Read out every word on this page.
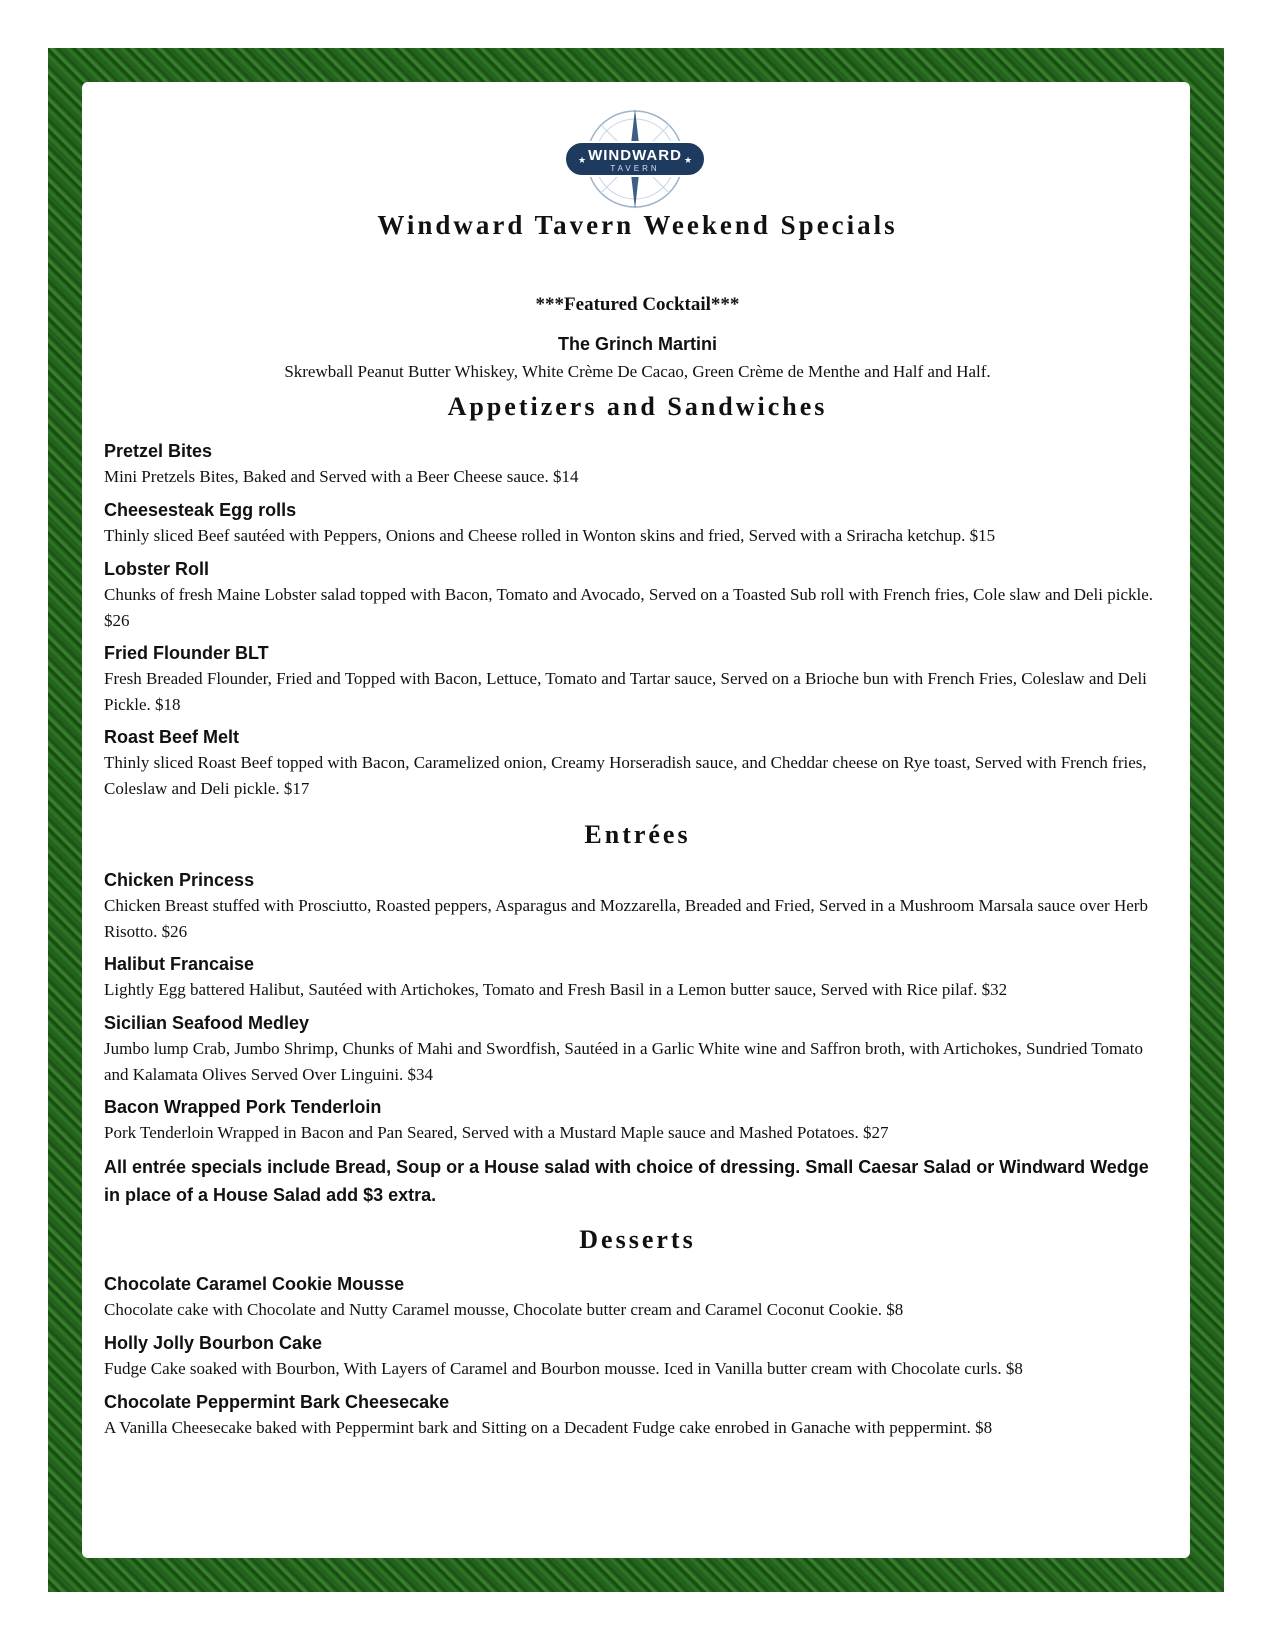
WINDWARD
TAVERN
★	★
Windward Tavern Weekend Specials
***Featured Cocktail***
The Grinch Martini
Skrewball Peanut Butter Whiskey, White Crème De Cacao, Green Crème de Menthe and Half and Half.
Appetizers and Sandwiches
Pretzel Bites
Mini Pretzels Bites, Baked and Served with a Beer Cheese sauce. $14
Cheesesteak Egg rolls
Thinly sliced Beef sautéed with Peppers, Onions and Cheese rolled in Wonton skins and fried, Served with a Sriracha ketchup. $15
Lobster Roll
Chunks of fresh Maine Lobster salad topped with Bacon, Tomato and Avocado, Served on a Toasted Sub roll with French fries, Cole slaw and Deli pickle. $26
Fried Flounder BLT
Fresh Breaded Flounder, Fried and Topped with Bacon, Lettuce, Tomato and Tartar sauce, Served on a Brioche bun with French Fries, Coleslaw and Deli Pickle. $18
Roast Beef Melt
Thinly sliced Roast Beef topped with Bacon, Caramelized onion, Creamy Horseradish sauce, and Cheddar cheese on Rye toast, Served with French fries, Coleslaw and Deli pickle. $17
Entrées
Chicken Princess
Chicken Breast stuffed with Prosciutto, Roasted peppers, Asparagus and Mozzarella, Breaded and Fried, Served in a Mushroom Marsala sauce over Herb Risotto. $26
Halibut Francaise
Lightly Egg battered Halibut, Sautéed with Artichokes, Tomato and Fresh Basil in a Lemon butter sauce, Served with Rice pilaf. $32
Sicilian Seafood Medley
Jumbo lump Crab, Jumbo Shrimp, Chunks of Mahi and Swordfish, Sautéed in a Garlic White wine and Saffron broth, with Artichokes, Sundried Tomato and Kalamata Olives Served Over Linguini. $34
Bacon Wrapped Pork Tenderloin
Pork Tenderloin Wrapped in Bacon and Pan Seared, Served with a Mustard Maple sauce and Mashed Potatoes. $27
All entrée specials include Bread, Soup or a House salad with choice of dressing. Small Caesar Salad or Windward Wedge in place of a House Salad add $3 extra.
Desserts
Chocolate Caramel Cookie Mousse
Chocolate cake with Chocolate and Nutty Caramel mousse, Chocolate butter cream and Caramel Coconut Cookie. $8
Holly Jolly Bourbon Cake
Fudge Cake soaked with Bourbon, With Layers of Caramel and Bourbon mousse. Iced in Vanilla butter cream with Chocolate curls. $8
Chocolate Peppermint Bark Cheesecake
A Vanilla Cheesecake baked with Peppermint bark and Sitting on a Decadent Fudge cake enrobed in Ganache with peppermint. $8
